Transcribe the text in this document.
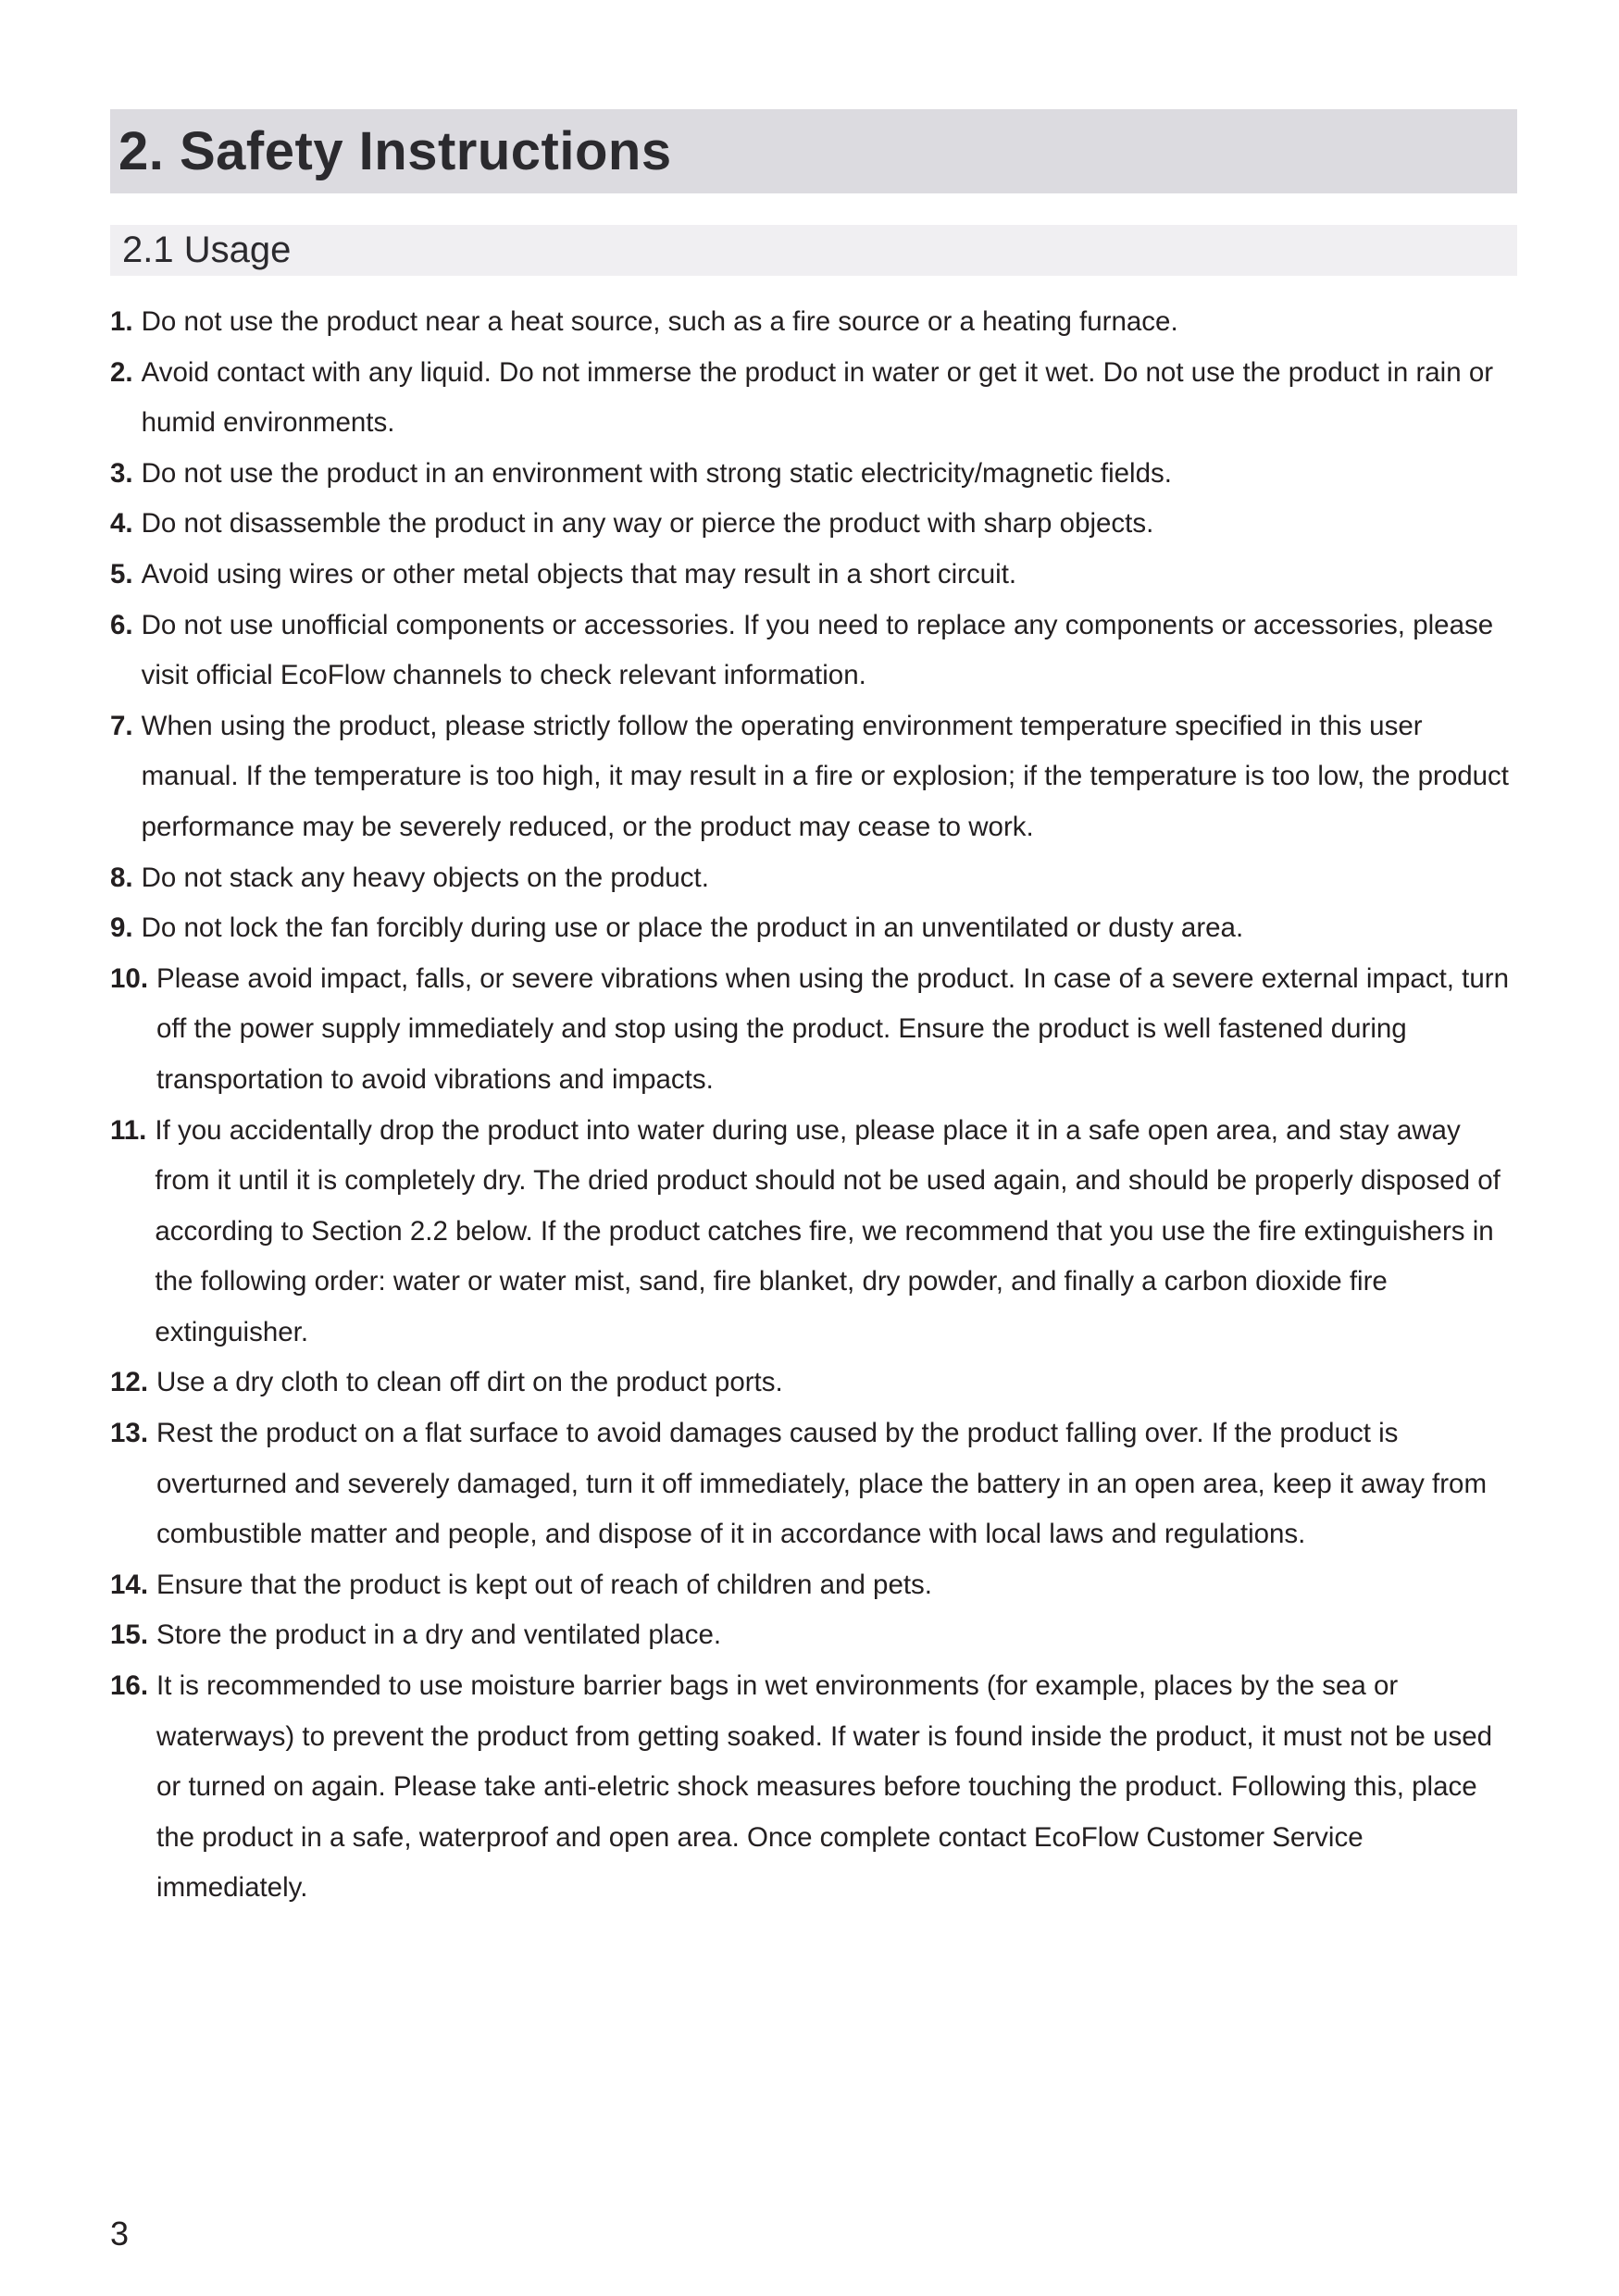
2. Safety Instructions
2.1 Usage
1. Do not use the product near a heat source, such as a fire source or a heating furnace.
2. Avoid contact with any liquid. Do not immerse the product in water or get it wet. Do not use the product in rain or humid environments.
3. Do not use the product in an environment with strong static electricity/magnetic fields.
4. Do not disassemble the product in any way or pierce the product with sharp objects.
5. Avoid using wires or other metal objects that may result in a short circuit.
6. Do not use unofficial components or accessories. If you need to replace any components or accessories, please visit official EcoFlow channels to check relevant information.
7. When using the product, please strictly follow the operating environment temperature specified in this user manual. If the temperature is too high, it may result in a fire or explosion; if the temperature is too low, the product performance may be severely reduced, or the product may cease to work.
8. Do not stack any heavy objects on the product.
9. Do not lock the fan forcibly during use or place the product in an unventilated or dusty area.
10. Please avoid impact, falls, or severe vibrations when using the product. In case of a severe external impact, turn off the power supply immediately and stop using the product. Ensure the product is well fastened during transportation to avoid vibrations and impacts.
11. If you accidentally drop the product into water during use, please place it in a safe open area, and stay away from it until it is completely dry. The dried product should not be used again, and should be properly disposed of according to Section 2.2 below. If the product catches fire, we recommend that you use the fire extinguishers in the following order: water or water mist, sand, fire blanket, dry powder, and finally a carbon dioxide fire extinguisher.
12. Use a dry cloth to clean off dirt on the product ports.
13. Rest the product on a flat surface to avoid damages caused by the product falling over. If the product is overturned and severely damaged, turn it off immediately, place the battery in an open area, keep it away from combustible matter and people, and dispose of it in accordance with local laws and regulations.
14. Ensure that the product is kept out of reach of children and pets.
15. Store the product in a dry and ventilated place.
16. It is recommended to use moisture barrier bags in wet environments (for example, places by the sea or waterways) to prevent the product from getting soaked. If water is found inside the product, it must not be used or turned on again. Please take anti-eletric shock measures before touching the product. Following this, place the product in a safe, waterproof and open area. Once complete contact EcoFlow Customer Service immediately.
3
